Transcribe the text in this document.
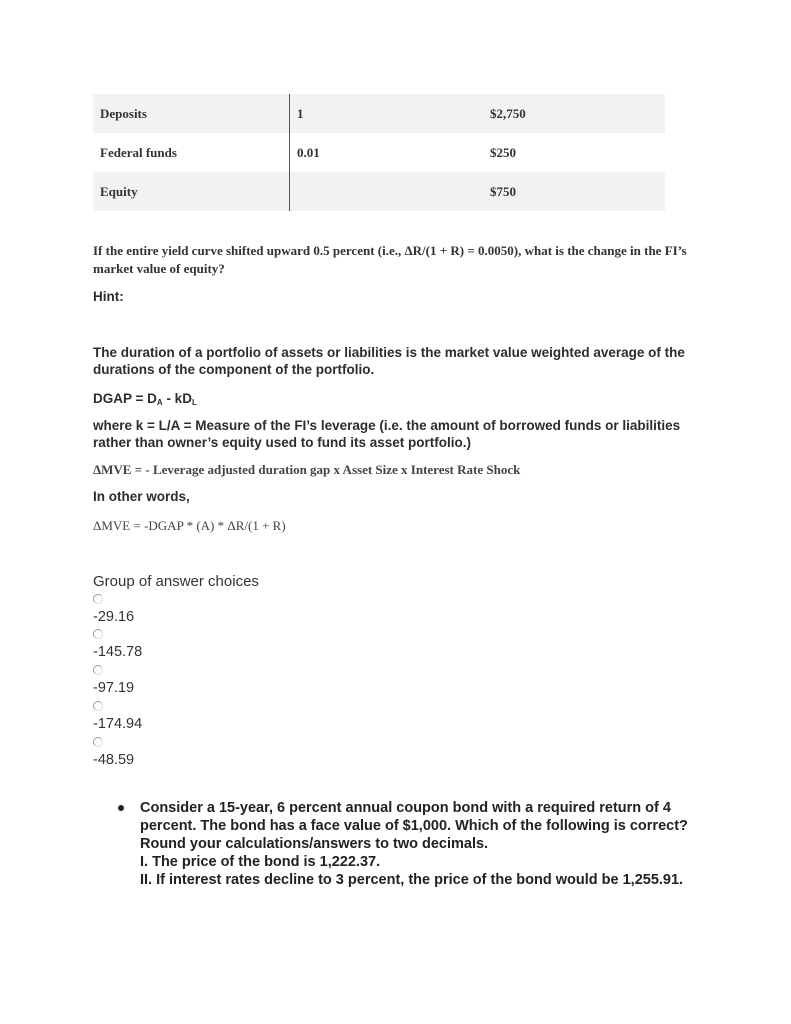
Deposits	1	$2,750
Federal funds	0.01	$250
Equity		$750
If the entire yield curve shifted upward 0.5 percent (i.e., ΔR/(1 + R) = 0.0050), what is the change in the FI’s market value of equity?
Hint:
The duration of a portfolio of assets or liabilities is the market value weighted average of the durations of the component of the portfolio.
DGAP = $D_A - kD_L$
where k = L/A = Measure of the FI’s leverage (i.e. the amount of borrowed funds or liabilities rather than owner’s equity used to fund its asset portfolio.)
ΔMVE = - Leverage adjusted duration gap x Asset Size x Interest Rate Shock
In other words,
ΔMVE = -DGAP * (A) * ΔR/(1 + R)
Group of answer choices
-29.16
-145.78
-97.19
-174.94
-48.59
Consider a 15-year, 6 percent annual coupon bond with a required return of 4 percent. The bond has a face value of $1,000. Which of the following is correct? Round your calculations/answers to two decimals.
I. The price of the bond is 1,222.37.
II. If interest rates decline to 3 percent, the price of the bond would be 1,255.91.
